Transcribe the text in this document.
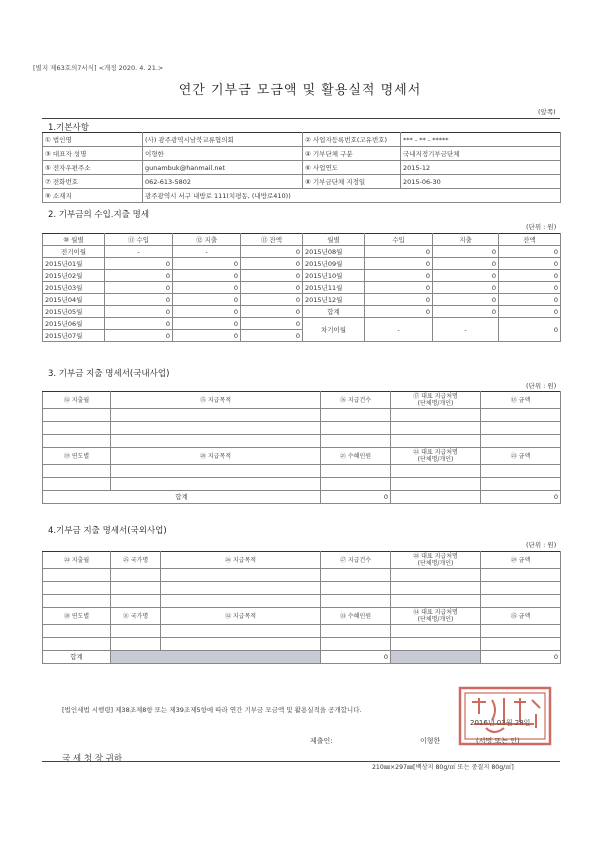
[별지 제63호의7서식] <개정 2020. 4. 21.>
연간 기부금 모금액 및 활용실적 명세서
(앞쪽)
1.기본사항
① 법인명	(사) 광주광역시남북교류협의회	② 사업자등록번호(고유번호)	*** - ** - *****
③ 대표자 성명	이형한	④ 기부단체 구분	국내지정기부금단체
⑤ 전자우편주소	gunambuk@hanmail.net	⑥ 사업연도	2015-12
⑦ 전화번호	062-613-5802	⑧ 기부금단체 지정일	2015-06-30
⑨ 소재지	광주광역시 서구 내방로 111(치평동, (내방로410))		
2. 기부금의 수입.지출 명세
(단위 : 원)
⑩ 월별	⑪ 수입	⑫ 지출	⑬ 잔액	월별	수입	지출	잔액
전기이월	-	-	0	2015년08월	0	0	0
2015년01월	0	0	0	2015년09월	0	0	0
2015년02월	0	0	0	2015년10월	0	0	0
2015년03월	0	0	0	2015년11월	0	0	0
2015년04월	0	0	0	2015년12월	0	0	0
2015년05월	0	0	0	합계	0	0	0
2015년06월	0	0	0	차기이월	-	-	0
2015년07월	0	0	0				
3. 기부금 지출 명세서(국내사업)
(단위 : 원)
⑭ 지출월	⑮ 지급목적	⑯ 지급건수	⑰ 대표 지급처명
(단체명/개인)	⑱ 금액

⑲ 연도별	⑳ 지급목적	㉑ 수혜인원	㉒ 대표 지급처명
(단체명/개인)	㉓ 금액

합계		0		0
4.기부금 지출 명세서(국외사업)
(단위 : 원)
㉔ 지출월	㉕ 국가명	㉖ 지급목적	㉗ 지급건수	㉘ 대표 지급처명
(단체명/개인)	㉙ 금액

㉚ 연도별	㉛ 국가명	㉜ 지급목적	㉝ 수혜인원	㉞ 대표 지급처명
(단체명/개인)	㉟ 금액

합계			0		0
[법인세법 시행령] 제38조제8항 또는 제39조제5항에 따라 연간 기부금 모금액 및 활용실적을 공개합니다.
2016년 03월 28일
제출인:	이형한	(서명 또는 인)
국 세 청 장 귀하
210㎜×297㎜[백상지 80g/㎡ 또는 중질지 80g/㎡]
